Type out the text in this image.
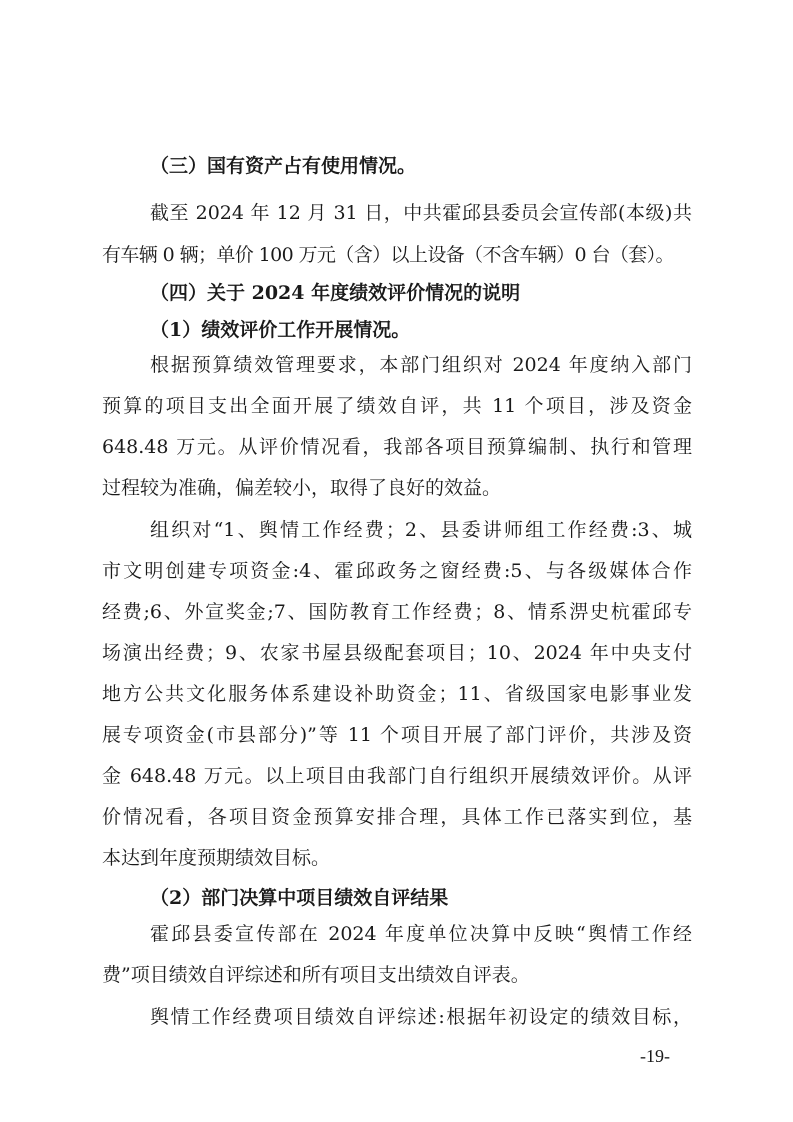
（三）国有资产占有使用情况。
截至 2024 年 12 月 31 日，中共霍邱县委员会宣传部(本级)共
有车辆 0 辆；单价 100 万元（含）以上设备（不含车辆）0 台（套）。
（四）关于 2024 年度绩效评价情况的说明
（1）绩效评价工作开展情况。
根据预算绩效管理要求，本部门组织对 2024 年度纳入部门
预算的项目支出全面开展了绩效自评，共 11 个项目，涉及资金
648.48 万元。从评价情况看，我部各项目预算编制、执行和管理
过程较为准确，偏差较小，取得了良好的效益。
组织对“1、舆情工作经费；2、县委讲师组工作经费:3、城
市文明创建专项资金:4、霍邱政务之窗经费:5、与各级媒体合作
经费;6、外宣奖金;7、国防教育工作经费；8、情系淠史杭霍邱专
场演出经费；9、农家书屋县级配套项目；10、2024 年中央支付
地方公共文化服务体系建设补助资金；11、省级国家电影事业发
展专项资金(市县部分)”等 11 个项目开展了部门评价，共涉及资
金 648.48 万元。以上项目由我部门自行组织开展绩效评价。从评
价情况看，各项目资金预算安排合理，具体工作已落实到位，基
本达到年度预期绩效目标。
（2）部门决算中项目绩效自评结果
霍邱县委宣传部在 2024 年度单位决算中反映“舆情工作经
费”项目绩效自评综述和所有项目支出绩效自评表。
舆情工作经费项目绩效自评综述:根据年初设定的绩效目标，
-19-
